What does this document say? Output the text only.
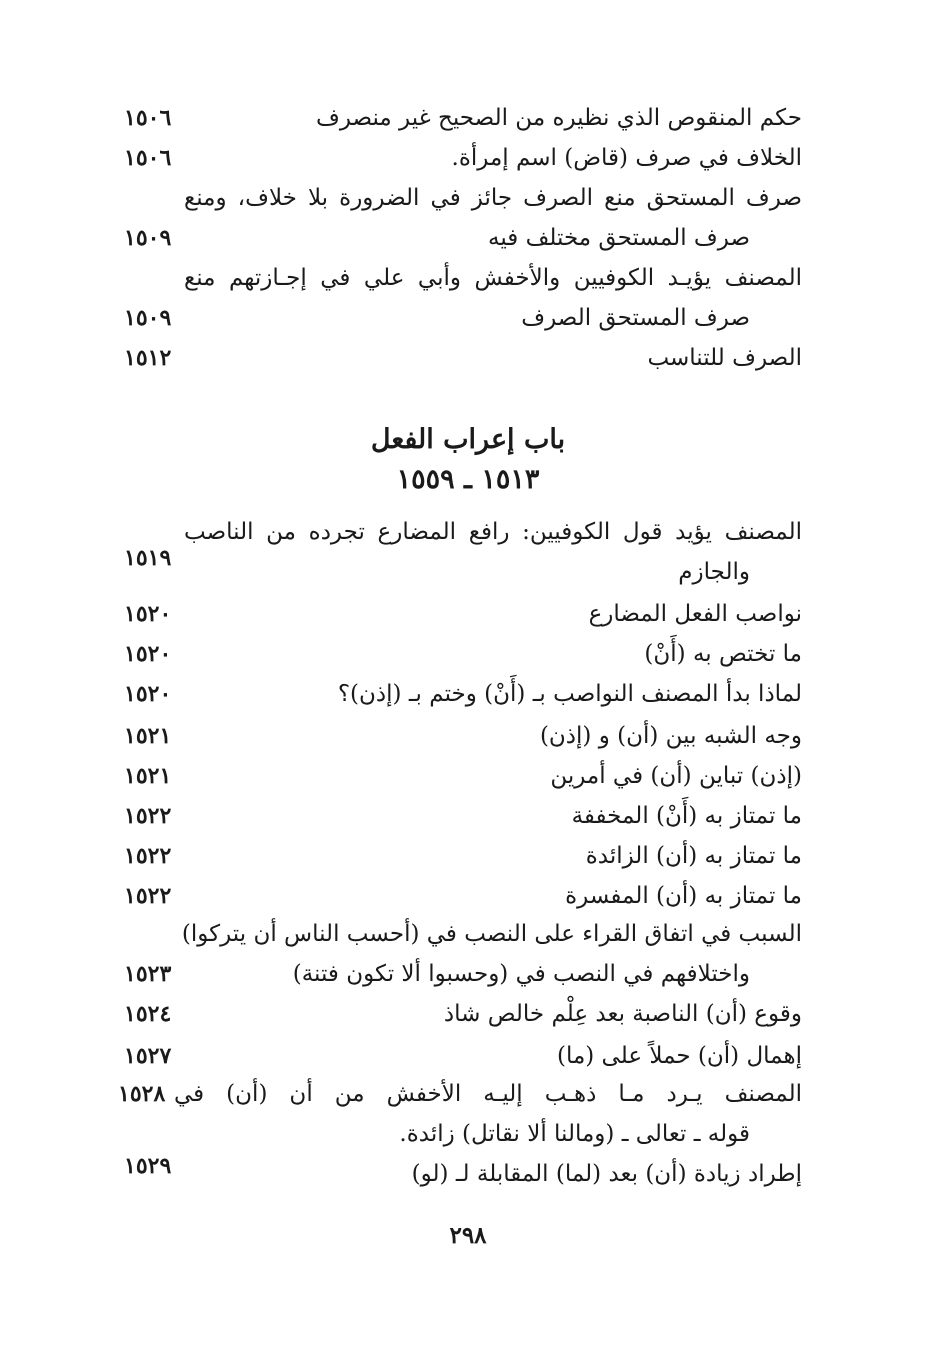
حكم المنقوص الذي نظيره من الصحيح غير منصرف
١٥٠٦
الخلاف في صرف (قاض) اسم إمرأة.
١٥٠٦
صرف المستحق منع الصرف جائز في الضرورة بلا خلاف، ومنع
صرف المستحق مختلف فيه
١٥٠٩
المصنف يؤيـد الكوفيين والأخفش وأبي علي في إجـازتهم منع
صرف المستحق الصرف
١٥٠٩
الصرف للتناسب
١٥١٢
باب إعراب الفعل
١٥١٣ ـ ١٥٥٩
المصنف يؤيد قول الكوفيين: رافع المضارع تجرده من الناصب
والجازم
١٥١٩
نواصب الفعل المضارع
١٥٢٠
ما تختص به (أَنْ)
١٥٢٠
لماذا بدأ المصنف النواصب بـ (أَنْ) وختم بـ (إذن)؟
١٥٢٠
وجه الشبه بين (أن) و (إذن)
١٥٢١
(إذن) تباين (أن) في أمرين
١٥٢١
ما تمتاز به (أَنْ) المخففة
١٥٢٢
ما تمتاز به (أن) الزائدة
١٥٢٢
ما تمتاز به (أن) المفسرة
١٥٢٢
السبب في اتفاق القراء على النصب في (أحسب الناس أن يتركوا)
واختلافهم في النصب في (وحسبوا ألا تكون فتنة)
١٥٢٣
وقوع (أن) الناصبة بعد عِلْم خالص شاذ
١٥٢٤
إهمال (أن) حملاً على (ما)
١٥٢٧
المصنف يـرد مـا ذهـب إليـه الأخفش من أن (أن) في
١٥٢٨
قوله ـ تعالى ـ (ومالنا ألا نقاتل) زائدة.
إطراد زيادة (أن) بعد (لما) المقابلة لـ (لو)
١٥٢٩
٢٩٨
